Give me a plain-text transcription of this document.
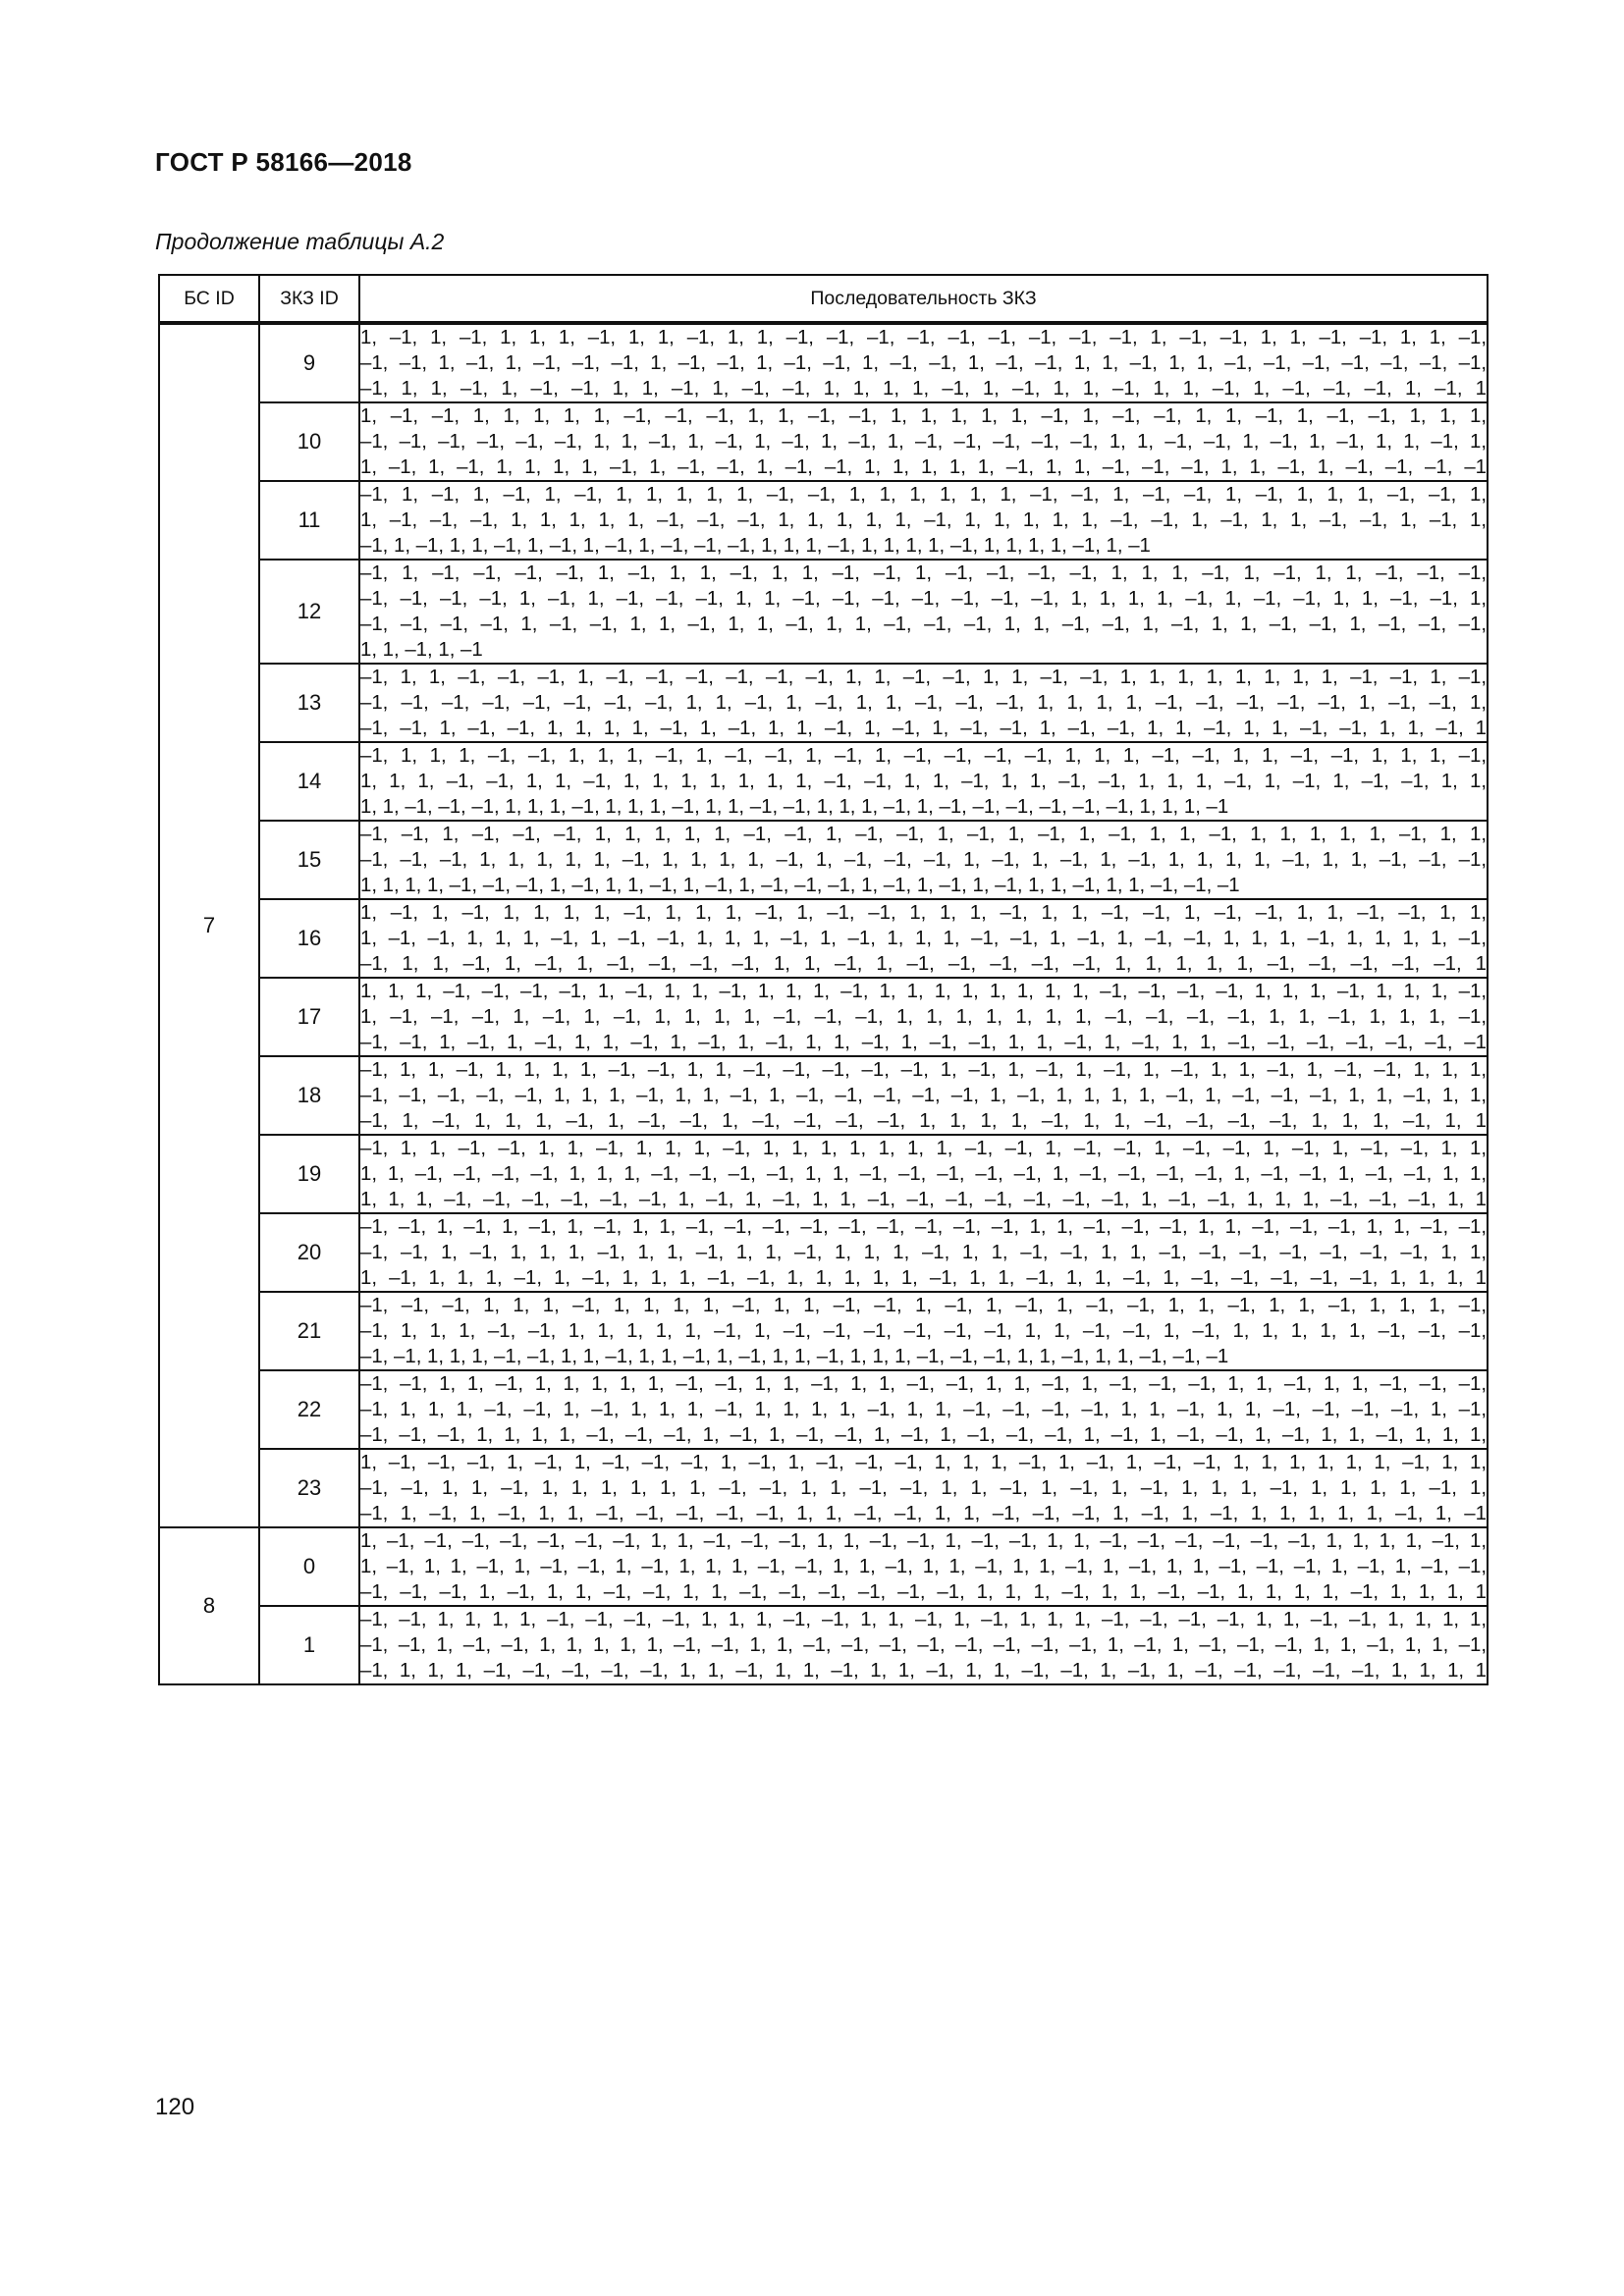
ГОСТ Р 58166—2018
Продолжение таблицы А.2
БС ID	ЗКЗ ID	Последовательность ЗКЗ
7	9	1, –1, 1, –1, 1, 1, 1, –1, 1, 1, –1, 1, 1, –1, –1, –1, –1, –1, –1, –1, –1, –1, 1, –1, –1, 1, 1, –1, –1, 1, 1, –1,
–1, –1, 1, –1, 1, –1, –1, –1, 1, –1, –1, 1, –1, –1, 1, –1, –1, 1, –1, –1, 1, 1, –1, 1, 1, –1, –1, –1, –1, –1, –1, –1,
–1, 1, 1, –1, 1, –1, –1, 1, 1, –1, 1, –1, –1, 1, 1, 1, 1, –1, 1, –1, 1, 1, –1, 1, 1, –1, 1, –1, –1, –1, 1, –1, 1

	10	1, –1, –1, 1, 1, 1, 1, 1, –1, –1, –1, 1, 1, –1, –1, 1, 1, 1, 1, 1, –1, 1, –1, –1, 1, 1, –1, 1, –1, –1, 1, 1, 1,
–1, –1, –1, –1, –1, –1, 1, 1, –1, 1, –1, 1, –1, 1, –1, 1, –1, –1, –1, –1, –1, 1, 1, –1, –1, 1, –1, 1, –1, 1, 1, –1, 1,
1, –1, 1, –1, 1, 1, 1, 1, –1, 1, –1, –1, 1, –1, –1, 1, 1, 1, 1, 1, –1, 1, 1, –1, –1, –1, 1, 1, –1, 1, –1, –1, –1, –1

	11	–1, 1, –1, 1, –1, 1, –1, 1, 1, 1, 1, 1, –1, –1, 1, 1, 1, 1, 1, 1, –1, –1, 1, –1, –1, 1, –1, 1, 1, 1, –1, –1, 1,
1, –1, –1, –1, 1, 1, 1, 1, 1, –1, –1, –1, 1, 1, 1, 1, 1, –1, 1, 1, 1, 1, 1, –1, –1, 1, –1, 1, 1, –1, –1, 1, –1, 1,
–1, 1, –1, 1, 1, –1, 1, –1, 1, –1, 1, –1, –1, –1, 1, 1, 1, –1, 1, 1, 1, 1, –1, 1, 1, 1, 1, –1, 1, –1

	12	–1, 1, –1, –1, –1, –1, 1, –1, 1, 1, –1, 1, 1, –1, –1, 1, –1, –1, –1, –1, 1, 1, 1, –1, 1, –1, 1, 1, –1, –1, –1,
–1, –1, –1, –1, 1, –1, 1, –1, –1, –1, 1, 1, –1, –1, –1, –1, –1, –1, –1, 1, 1, 1, 1, –1, 1, –1, –1, 1, 1, –1, –1, 1,
–1, –1, –1, –1, 1, –1, –1, 1, 1, –1, 1, 1, –1, 1, 1, –1, –1, –1, 1, 1, –1, –1, 1, –1, 1, 1, –1, –1, 1, –1, –1, –1,
1, 1, –1, 1, –1

	13	–1, 1, 1, –1, –1, –1, 1, –1, –1, –1, –1, –1, –1, 1, 1, –1, –1, 1, 1, –1, –1, 1, 1, 1, 1, 1, 1, 1, 1, –1, –1, 1, –1,
–1, –1, –1, –1, –1, –1, –1, –1, 1, 1, –1, 1, –1, 1, 1, –1, –1, –1, 1, 1, 1, 1, –1, –1, –1, –1, –1, 1, –1, –1, 1,
–1, –1, 1, –1, –1, 1, 1, 1, 1, –1, 1, –1, 1, 1, –1, 1, –1, 1, –1, –1, 1, –1, –1, 1, 1, –1, 1, 1, –1, –1, 1, 1, –1, 1

	14	–1, 1, 1, 1, –1, –1, 1, 1, 1, –1, 1, –1, –1, 1, –1, 1, –1, –1, –1, –1, 1, 1, 1, –1, –1, 1, 1, –1, –1, 1, 1, 1, –1,
1, 1, 1, –1, –1, 1, 1, –1, 1, 1, 1, 1, 1, 1, 1, –1, –1, 1, 1, –1, 1, 1, –1, –1, 1, 1, 1, –1, 1, –1, 1, –1, –1, 1, 1,
1, 1, –1, –1, –1, 1, 1, 1, –1, 1, 1, 1, –1, 1, 1, –1, –1, 1, 1, 1, –1, 1, –1, –1, –1, –1, –1, –1, 1, 1, 1, –1

	15	–1, –1, 1, –1, –1, –1, 1, 1, 1, 1, 1, –1, –1, 1, –1, –1, 1, –1, 1, –1, 1, –1, 1, 1, –1, 1, 1, 1, 1, 1, –1, 1, 1,
–1, –1, –1, 1, 1, 1, 1, 1, –1, 1, 1, 1, 1, –1, 1, –1, –1, –1, 1, –1, 1, –1, 1, –1, 1, 1, 1, 1, –1, 1, 1, –1, –1, –1,
1, 1, 1, 1, –1, –1, –1, 1, –1, 1, 1, –1, 1, –1, 1, –1, –1, –1, 1, –1, 1, –1, 1, –1, 1, 1, –1, 1, 1, –1, –1, –1

	16	1, –1, 1, –1, 1, 1, 1, 1, –1, 1, 1, 1, –1, 1, –1, –1, 1, 1, 1, –1, 1, 1, –1, –1, 1, –1, –1, 1, 1, –1, –1, 1, 1,
1, –1, –1, 1, 1, 1, –1, 1, –1, –1, 1, 1, 1, –1, 1, –1, 1, 1, 1, –1, –1, 1, –1, 1, –1, –1, 1, 1, 1, –1, 1, 1, 1, 1, –1,
–1, 1, 1, –1, 1, –1, 1, –1, –1, –1, –1, 1, 1, –1, 1, –1, –1, –1, –1, –1, 1, 1, 1, 1, 1, –1, –1, –1, –1, –1, 1

	17	1, 1, 1, –1, –1, –1, –1, 1, –1, 1, 1, –1, 1, 1, 1, –1, 1, 1, 1, 1, 1, 1, 1, 1, –1, –1, –1, –1, 1, 1, 1, –1, 1, 1, 1, –1,
1, –1, –1, –1, 1, –1, 1, –1, 1, 1, 1, 1, –1, –1, –1, 1, 1, 1, 1, 1, 1, 1, –1, –1, –1, –1, 1, 1, –1, 1, 1, 1, –1,
–1, –1, 1, –1, 1, –1, 1, 1, –1, 1, –1, 1, –1, 1, 1, –1, 1, –1, –1, 1, 1, –1, 1, –1, 1, 1, –1, –1, –1, –1, –1, –1, –1

	18	–1, 1, 1, –1, 1, 1, 1, 1, –1, –1, 1, 1, –1, –1, –1, –1, –1, 1, –1, 1, –1, 1, –1, 1, –1, 1, 1, –1, 1, –1, –1, 1, 1, 1,
–1, –1, –1, –1, –1, 1, 1, 1, –1, 1, 1, –1, 1, –1, –1, –1, –1, –1, 1, –1, 1, 1, 1, 1, –1, 1, –1, –1, –1, 1, 1, –1, 1, 1,
–1, 1, –1, 1, 1, 1, –1, 1, –1, –1, 1, –1, –1, –1, –1, 1, 1, 1, 1, –1, 1, 1, –1, –1, –1, –1, 1, 1, 1, –1, 1, 1

	19	–1, 1, 1, –1, –1, 1, 1, –1, 1, 1, 1, –1, 1, 1, 1, 1, 1, 1, 1, –1, –1, 1, –1, –1, 1, –1, –1, 1, –1, 1, –1, –1, 1, 1,
1, 1, –1, –1, –1, –1, 1, 1, 1, –1, –1, –1, –1, 1, 1, –1, –1, –1, –1, –1, 1, –1, –1, –1, –1, 1, –1, –1, 1, –1, –1, 1, 1,
1, 1, 1, –1, –1, –1, –1, –1, –1, 1, –1, 1, –1, 1, 1, –1, –1, –1, –1, –1, –1, –1, 1, –1, –1, 1, 1, 1, –1, –1, –1, 1, 1

	20	–1, –1, 1, –1, 1, –1, 1, –1, 1, 1, –1, –1, –1, –1, –1, –1, –1, –1, –1, 1, 1, –1, –1, –1, 1, 1, –1, –1, –1, 1, 1, –1, –1,
–1, –1, 1, –1, 1, 1, 1, –1, 1, 1, –1, 1, 1, –1, 1, 1, 1, –1, 1, 1, –1, –1, 1, 1, –1, –1, –1, –1, –1, –1, –1, 1, 1,
1, –1, 1, 1, 1, –1, 1, –1, 1, 1, 1, –1, –1, 1, 1, 1, 1, 1, –1, 1, 1, –1, 1, 1, –1, 1, –1, –1, –1, –1, –1, 1, 1, 1, 1

	21	–1, –1, –1, 1, 1, 1, –1, 1, 1, 1, 1, –1, 1, 1, –1, –1, 1, –1, 1, –1, 1, –1, –1, 1, 1, –1, 1, 1, –1, 1, 1, 1, –1,
–1, 1, 1, 1, –1, –1, 1, 1, 1, 1, 1, –1, 1, –1, –1, –1, –1, –1, –1, 1, 1, –1, –1, 1, –1, 1, 1, 1, 1, 1, –1, –1, –1,
–1, –1, 1, 1, 1, –1, –1, 1, 1, –1, 1, 1, –1, 1, –1, 1, 1, –1, 1, 1, 1, –1, –1, –1, 1, 1, –1, 1, 1, –1, –1, –1

	22	–1, –1, 1, 1, –1, 1, 1, 1, 1, 1, –1, –1, 1, 1, –1, 1, 1, –1, –1, 1, 1, –1, 1, –1, –1, –1, 1, 1, –1, 1, 1, –1, –1, –1,
–1, 1, 1, 1, –1, –1, 1, –1, 1, 1, 1, –1, 1, 1, 1, 1, –1, 1, 1, –1, –1, –1, –1, 1, 1, –1, 1, 1, –1, –1, –1, –1, 1, –1,
–1, –1, –1, 1, 1, 1, 1, –1, –1, –1, 1, –1, 1, –1, –1, 1, –1, 1, –1, –1, –1, 1, –1, 1, –1, –1, 1, –1, 1, 1, –1, 1, 1, 1,

	23	1, –1, –1, –1, 1, –1, 1, –1, –1, –1, 1, –1, 1, –1, –1, –1, 1, 1, 1, –1, 1, –1, 1, –1, –1, 1, 1, 1, 1, 1, 1, –1, 1, 1,
–1, –1, 1, 1, –1, 1, 1, 1, 1, 1, 1, –1, –1, 1, 1, –1, –1, 1, 1, –1, 1, –1, 1, –1, 1, 1, 1, –1, 1, 1, 1, 1, –1, 1,
–1, 1, –1, 1, –1, 1, 1, –1, –1, –1, –1, –1, 1, 1, –1, –1, 1, 1, –1, –1, –1, 1, –1, 1, –1, 1, 1, 1, 1, 1, –1, 1, –1

8	0	1, –1, –1, –1, –1, –1, –1, –1, 1, 1, –1, –1, –1, 1, 1, –1, –1, 1, –1, –1, 1, 1, –1, –1, –1, –1, –1, –1, 1, 1, 1, 1, –1, 1,
1, –1, 1, 1, –1, 1, –1, –1, 1, –1, 1, 1, 1, –1, –1, 1, 1, –1, 1, 1, –1, 1, 1, –1, 1, –1, 1, 1, –1, –1, –1, 1, –1, 1, –1, –1,
–1, –1, –1, 1, –1, 1, 1, –1, –1, 1, 1, –1, –1, –1, –1, –1, –1, 1, 1, 1, –1, 1, 1, –1, –1, 1, 1, 1, 1, –1, 1, 1, 1, 1

	1	–1, –1, 1, 1, 1, 1, –1, –1, –1, –1, 1, 1, 1, –1, –1, 1, 1, –1, 1, –1, 1, 1, 1, –1, –1, –1, –1, 1, 1, –1, –1, 1, 1, 1, 1,
–1, –1, 1, –1, –1, 1, 1, 1, 1, 1, –1, –1, 1, 1, –1, –1, –1, –1, –1, –1, –1, –1, 1, –1, 1, –1, –1, –1, 1, 1, –1, 1, 1, –1,
–1, 1, 1, 1, –1, –1, –1, –1, –1, 1, 1, –1, 1, 1, –1, 1, 1, –1, 1, 1, –1, –1, 1, –1, 1, –1, –1, –1, –1, –1, 1, 1, 1, 1
120
